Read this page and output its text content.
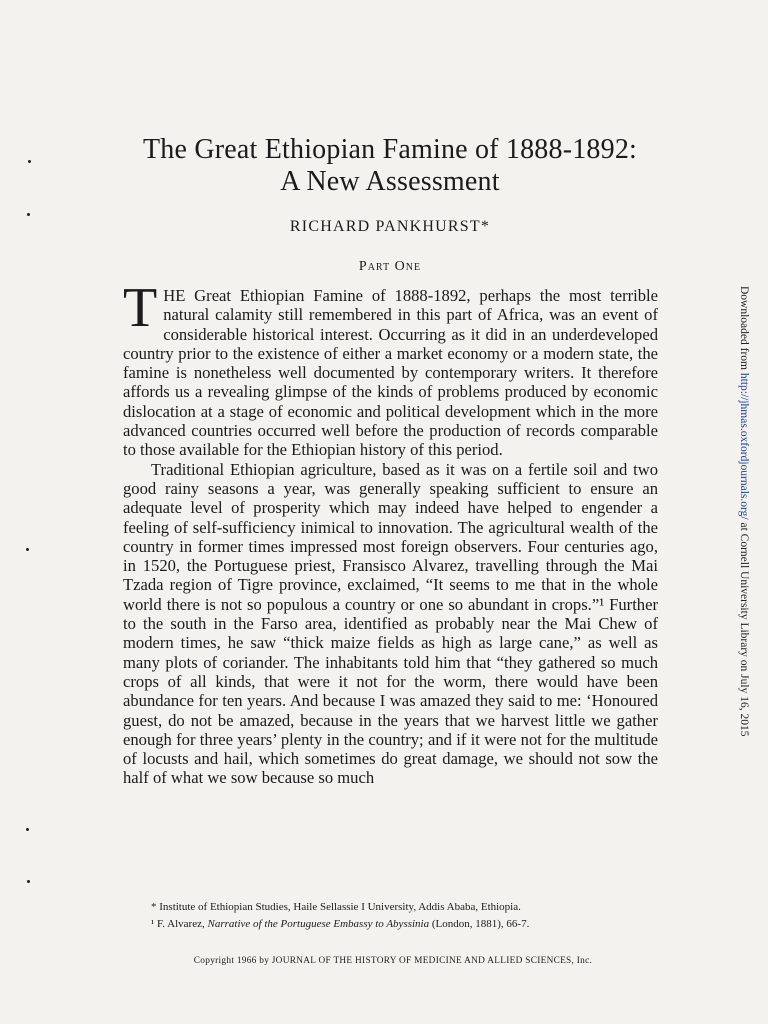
The Great Ethiopian Famine of 1888-1892:
A New Assessment
RICHARD PANKHURST*
Part One

THE Great Ethiopian Famine of 1888-1892, perhaps the most terrible natural calamity still remembered in this part of Africa, was an event of considerable historical interest. Occurring as it did in an underdeveloped country prior to the existence of either a market economy or a modern state, the famine is nonetheless well documented by contemporary writers. It therefore affords us a revealing glimpse of the kinds of problems produced by economic dislocation at a stage of economic and political development which in the more advanced countries occurred well before the production of records comparable to those available for the Ethiopian history of this period.

Traditional Ethiopian agriculture, based as it was on a fertile soil and two good rainy seasons a year, was generally speaking sufficient to ensure an adequate level of prosperity which may indeed have helped to engender a feeling of self-sufficiency inimical to innovation. The agricultural wealth of the country in former times impressed most foreign observers. Four centuries ago, in 1520, the Portuguese priest, Fransisco Alvarez, travelling through the Mai Tzada region of Tigre province, exclaimed, “It seems to me that in the whole world there is not so populous a country or one so abundant in crops.”¹ Further to the south in the Farso area, identified as probably near the Mai Chew of modern times, he saw “thick maize fields as high as large cane,” as well as many plots of coriander. The inhabitants told him that “they gathered so much crops of all kinds, that were it not for the worm, there would have been abundance for ten years. And because I was amazed they said to me: ‘Honoured guest, do not be amazed, because in the years that we harvest little we gather enough for three years’ plenty in the country; and if it were not for the multitude of locusts and hail, which sometimes do great damage, we should not sow the half of what we sow because so much

* Institute of Ethiopian Studies, Haile Sellassie I University, Addis Ababa, Ethiopia.
¹ F. Alvarez, Narrative of the Portuguese Embassy to Abyssinia (London, 1881), 66-7.
Copyright 1966 by JOURNAL OF THE HISTORY OF MEDICINE AND ALLIED SCIENCES, Inc.
Downloaded from http://jhmas.oxfordjournals.org/ at Cornell University Library on July 16, 2015
